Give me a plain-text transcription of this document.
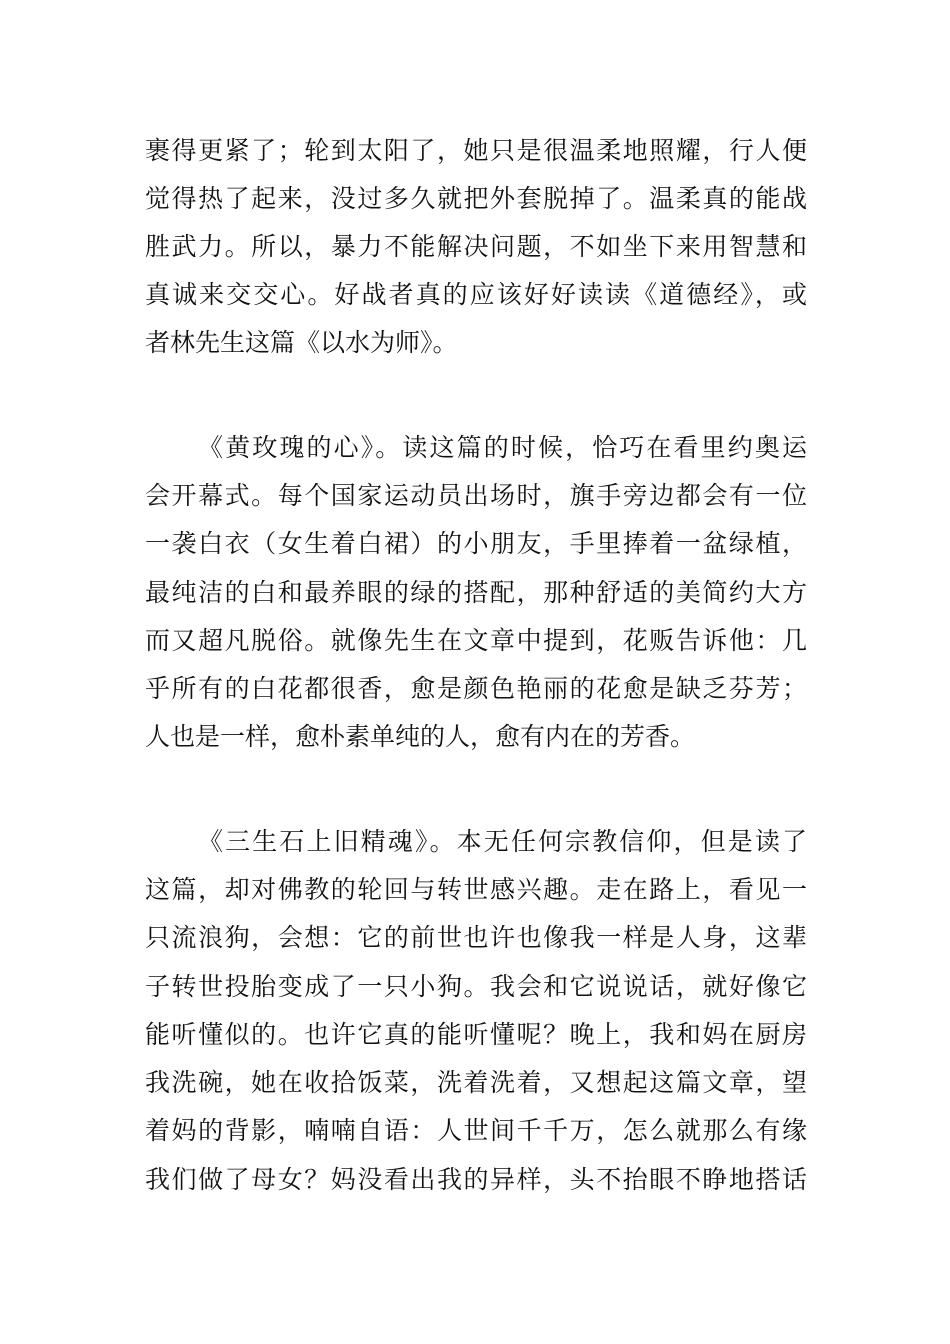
裹得更紧了；轮到太阳了，她只是很温柔地照耀，行人便
觉得热了起来，没过多久就把外套脱掉了。温柔真的能战
胜武力。所以，暴力不能解决问题，不如坐下来用智慧和
真诚来交交心。好战者真的应该好好读读《道德经》，或
者林先生这篇《以水为师》。
《黄玫瑰的心》。读这篇的时候，恰巧在看里约奥运
会开幕式。每个国家运动员出场时，旗手旁边都会有一位
一袭白衣（女生着白裙）的小朋友，手里捧着一盆绿植，
最纯洁的白和最养眼的绿的搭配，那种舒适的美简约大方
而又超凡脱俗。就像先生在文章中提到，花贩告诉他：几
乎所有的白花都很香，愈是颜色艳丽的花愈是缺乏芬芳；
人也是一样，愈朴素单纯的人，愈有内在的芳香。
《三生石上旧精魂》。本无任何宗教信仰，但是读了
这篇，却对佛教的轮回与转世感兴趣。走在路上，看见一
只流浪狗，会想：它的前世也许也像我一样是人身，这辈
子转世投胎变成了一只小狗。我会和它说说话，就好像它
能听懂似的。也许它真的能听懂呢？晚上，我和妈在厨房
我洗碗，她在收拾饭菜，洗着洗着，又想起这篇文章，望
着妈的背影，喃喃自语：人世间千千万，怎么就那么有缘
我们做了母女？妈没看出我的异样，头不抬眼不睁地搭话
